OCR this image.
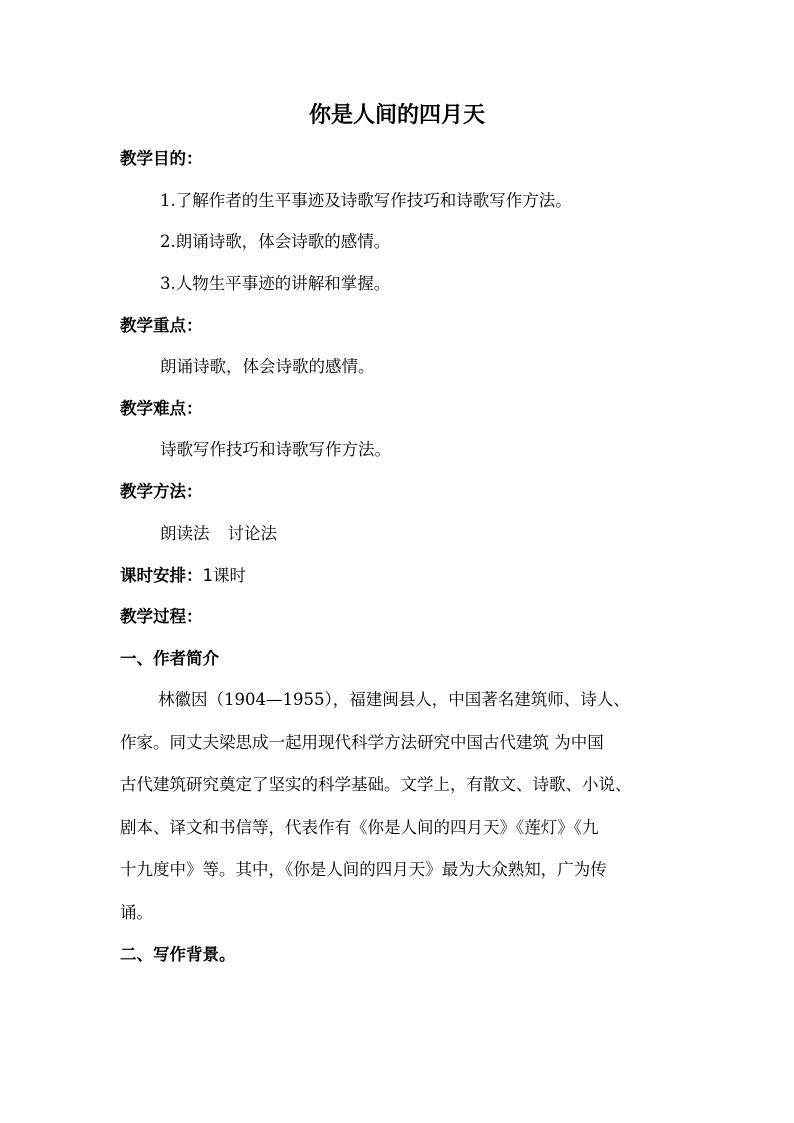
你是人间的四月天
教学目的：
1.了解作者的生平事迹及诗歌写作技巧和诗歌写作方法。
2.朗诵诗歌，体会诗歌的感情。
3.人物生平事迹的讲解和掌握。
教学重点：
朗诵诗歌，体会诗歌的感情。
教学难点：
诗歌写作技巧和诗歌写作方法。
教学方法：
朗读法 讨论法
课时安排：1课时
教学过程：
一、作者简介
林徽因（1904—1955），福建闽县人，中国著名建筑师、诗人、
作家。同丈夫梁思成一起用现代科学方法研究中国古代建筑 为中国
古代建筑研究奠定了坚实的科学基础。文学上，有散文、诗歌、小说、
剧本、译文和书信等，代表作有《你是人间的四月天》《莲灯》《九
十九度中》等。其中，《你是人间的四月天》最为大众熟知，广为传
诵。
二、写作背景。
